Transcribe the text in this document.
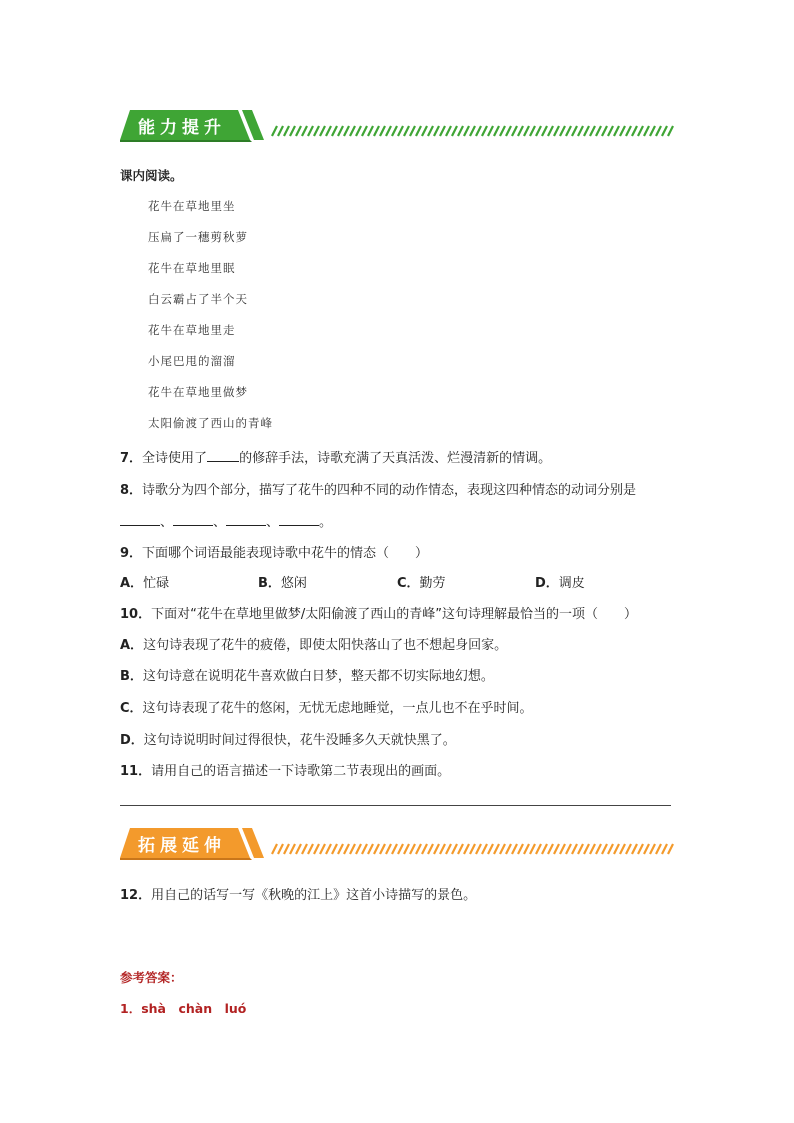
能力提升
课内阅读。
花牛在草地里坐
压扁了一穗剪秋萝
花牛在草地里眠
白云霸占了半个天
花牛在草地里走
小尾巴甩的溜溜
花牛在草地里做梦
太阳偷渡了西山的青峰
7．全诗使用了 的修辞手法，诗歌充满了天真活泼、烂漫清新的情调。
8．诗歌分为四个部分，描写了花牛的四种不同的动作情态，表现这四种情态的动词分别是
、	、	、	。
9．下面哪个词语最能表现诗歌中花牛的情态（　　）
A．忙碌	B．悠闲	C．勤劳	D．调皮
10．下面对“花牛在草地里做梦/太阳偷渡了西山的青峰”这句诗理解最恰当的一项（　　）
A．这句诗表现了花牛的疲倦，即使太阳快落山了也不想起身回家。
B．这句诗意在说明花牛喜欢做白日梦，整天都不切实际地幻想。
C．这句诗表现了花牛的悠闲，无忧无虑地睡觉，一点儿也不在乎时间。
D．这句诗说明时间过得很快，花牛没睡多久天就快黑了。
11．请用自己的语言描述一下诗歌第二节表现出的画面。
拓展延伸
12．用自己的话写一写《秋晚的江上》这首小诗描写的景色。
参考答案：
1．shà　chàn　luó
